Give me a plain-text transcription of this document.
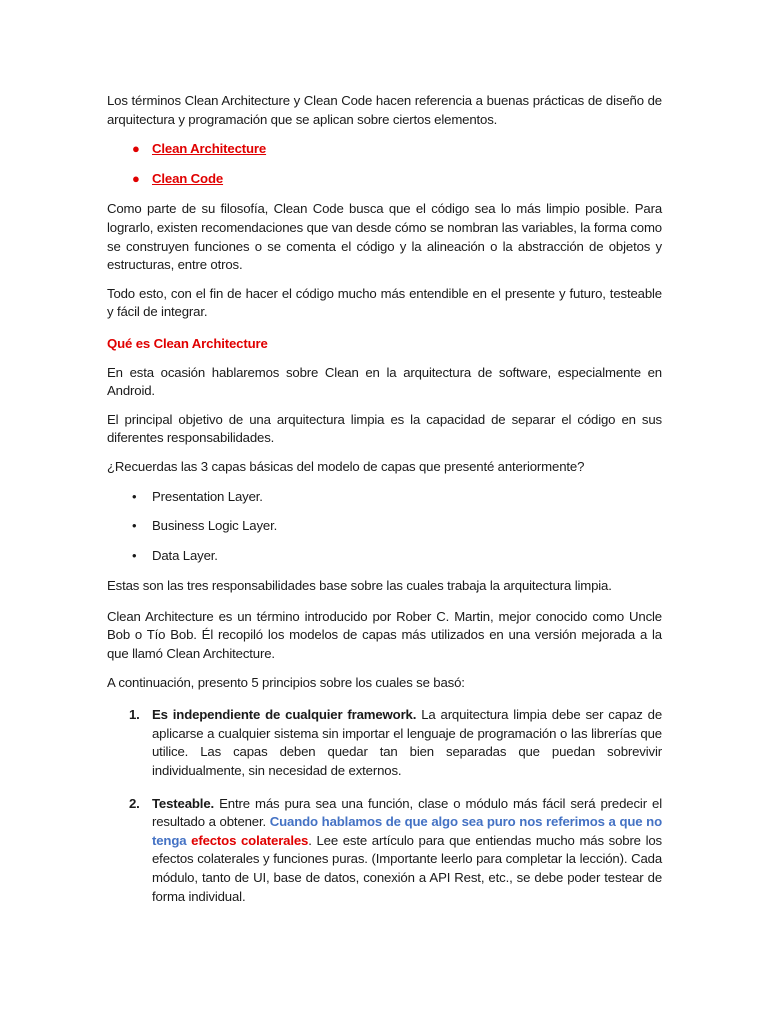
Los términos Clean Architecture y Clean Code hacen referencia a buenas prácticas de diseño de arquitectura y programación que se aplican sobre ciertos elementos.

● Clean Architecture
● Clean Code

Como parte de su filosofía, Clean Code busca que el código sea lo más limpio posible. Para lograrlo, existen recomendaciones que van desde cómo se nombran las variables, la forma como se construyen funciones o se comenta el código y la alineación o la abstracción de objetos y estructuras, entre otros.

Todo esto, con el fin de hacer el código mucho más entendible en el presente y futuro, testeable y fácil de integrar.

Qué es Clean Architecture

En esta ocasión hablaremos sobre Clean en la arquitectura de software, especialmente en Android.

El principal objetivo de una arquitectura limpia es la capacidad de separar el código en sus diferentes responsabilidades.

¿Recuerdas las 3 capas básicas del modelo de capas que presenté anteriormente?

• Presentation Layer.
• Business Logic Layer.
• Data Layer.

Estas son las tres responsabilidades base sobre las cuales trabaja la arquitectura limpia.

Clean Architecture es un término introducido por Rober C. Martin, mejor conocido como Uncle Bob o Tío Bob. Él recopiló los modelos de capas más utilizados en una versión mejorada a la que llamó Clean Architecture.

A continuación, presento 5 principios sobre los cuales se basó:

1. Es independiente de cualquier framework. La arquitectura limpia debe ser capaz de aplicarse a cualquier sistema sin importar el lenguaje de programación o las librerías que utilice. Las capas deben quedar tan bien separadas que puedan sobrevivir individualmente, sin necesidad de externos.

2. Testeable. Entre más pura sea una función, clase o módulo más fácil será predecir el resultado a obtener. Cuando hablamos de que algo sea puro nos referimos a que no tenga efectos colaterales. Lee este artículo para que entiendas mucho más sobre los efectos colaterales y funciones puras. (Importante leerlo para completar la lección). Cada módulo, tanto de UI, base de datos, conexión a API Rest, etc., se debe poder testear de forma individual.
